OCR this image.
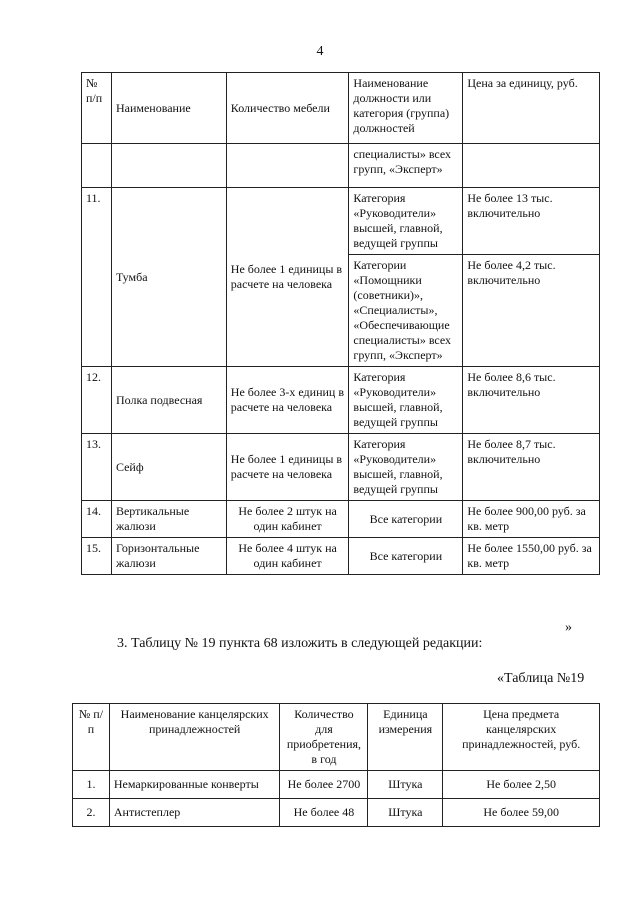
4
№ п/п	Наименование	Количество мебели	Наименование должности или категория (группа) должностей	Цена за единицу, руб.
			специалисты» всех групп, «Эксперт»	
11.	Тумба	Не более 1 единицы в расчете на человека	Категория «Руководители» высшей, главной, ведущей группы	Не более 13 тыс. включительно
			Категории «Помощники (советники)», «Специалисты», «Обеспечивающие специалисты» всех групп, «Эксперт»	Не более 4,2 тыс. включительно
12.	Полка подвесная	Не более 3-х единиц в расчете на человека	Категория «Руководители» высшей, главной, ведущей группы	Не более 8,6 тыс. включительно
13.	Сейф	Не более 1 единицы в расчете на человека	Категория «Руководители» высшей, главной, ведущей группы	Не более 8,7 тыс. включительно
14.	Вертикальные жалюзи	Не более 2 штук на один кабинет	Все категории	Не более 900,00 руб. за кв. метр
15.	Горизонтальные жалюзи	Не более 4 штук на один кабинет	Все категории	Не более 1550,00 руб. за кв. метр
»
3. Таблицу № 19 пункта 68 изложить в следующей редакции:
«Таблица №19
№ п/п	Наименование канцелярских принадлежностей	Количество для приобретения, в год	Единица измерения	Цена предмета канцелярских принадлежностей, руб.
1.	Немаркированные конверты	Не более 2700	Штука	Не более 2,50
2.	Антистеплер	Не более 48	Штука	Не более 59,00
